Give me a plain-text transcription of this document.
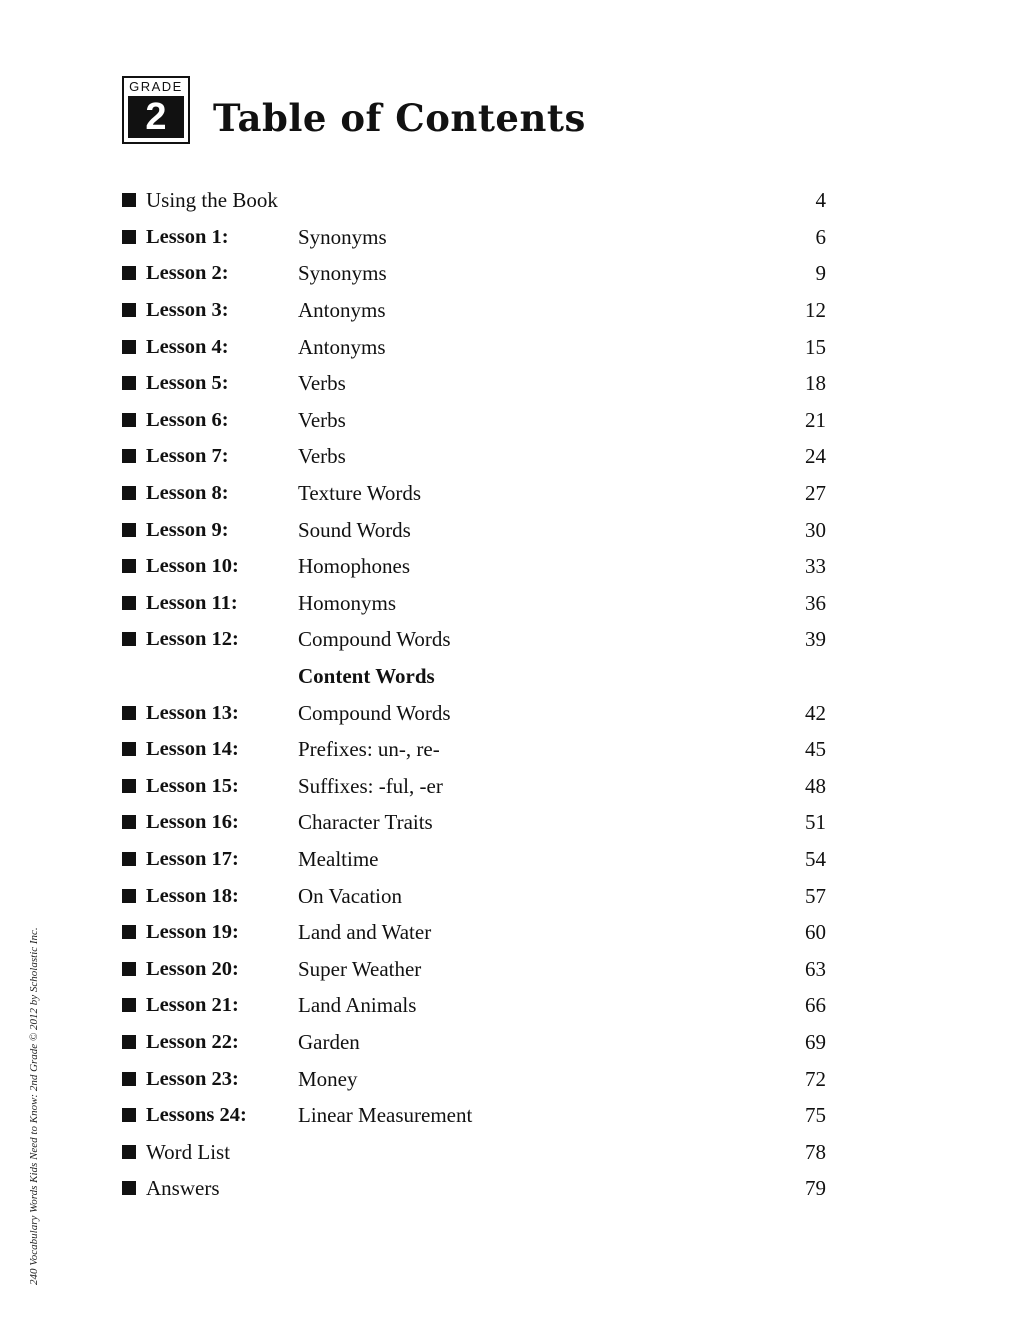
GRADE
2	Table of Contents
Using the Book	4
Lesson 1:	Synonyms	6
Lesson 2:	Synonyms	9
Lesson 3:	Antonyms	12
Lesson 4:	Antonyms	15
Lesson 5:	Verbs	18
Lesson 6:	Verbs	21
Lesson 7:	Verbs	24
Lesson 8:	Texture Words	27
Lesson 9:	Sound Words	30
Lesson 10:	Homophones	33
Lesson 11:	Homonyms	36
Lesson 12:	Compound Words	39
Content Words
Lesson 13:	Compound Words	42
Lesson 14:	Prefixes: un-, re-	45
Lesson 15:	Suffixes: -ful, -er	48
Lesson 16:	Character Traits	51
Lesson 17:	Mealtime	54
Lesson 18:	On Vacation	57
Lesson 19:	Land and Water	60
Lesson 20:	Super Weather	63
Lesson 21:	Land Animals	66
Lesson 22:	Garden	69
Lesson 23:	Money	72
Lessons 24:	Linear Measurement	75
Word List	78
Answers	79
240 Vocabulary Words Kids Need to Know: 2nd Grade © 2012 by Scholastic Inc.
